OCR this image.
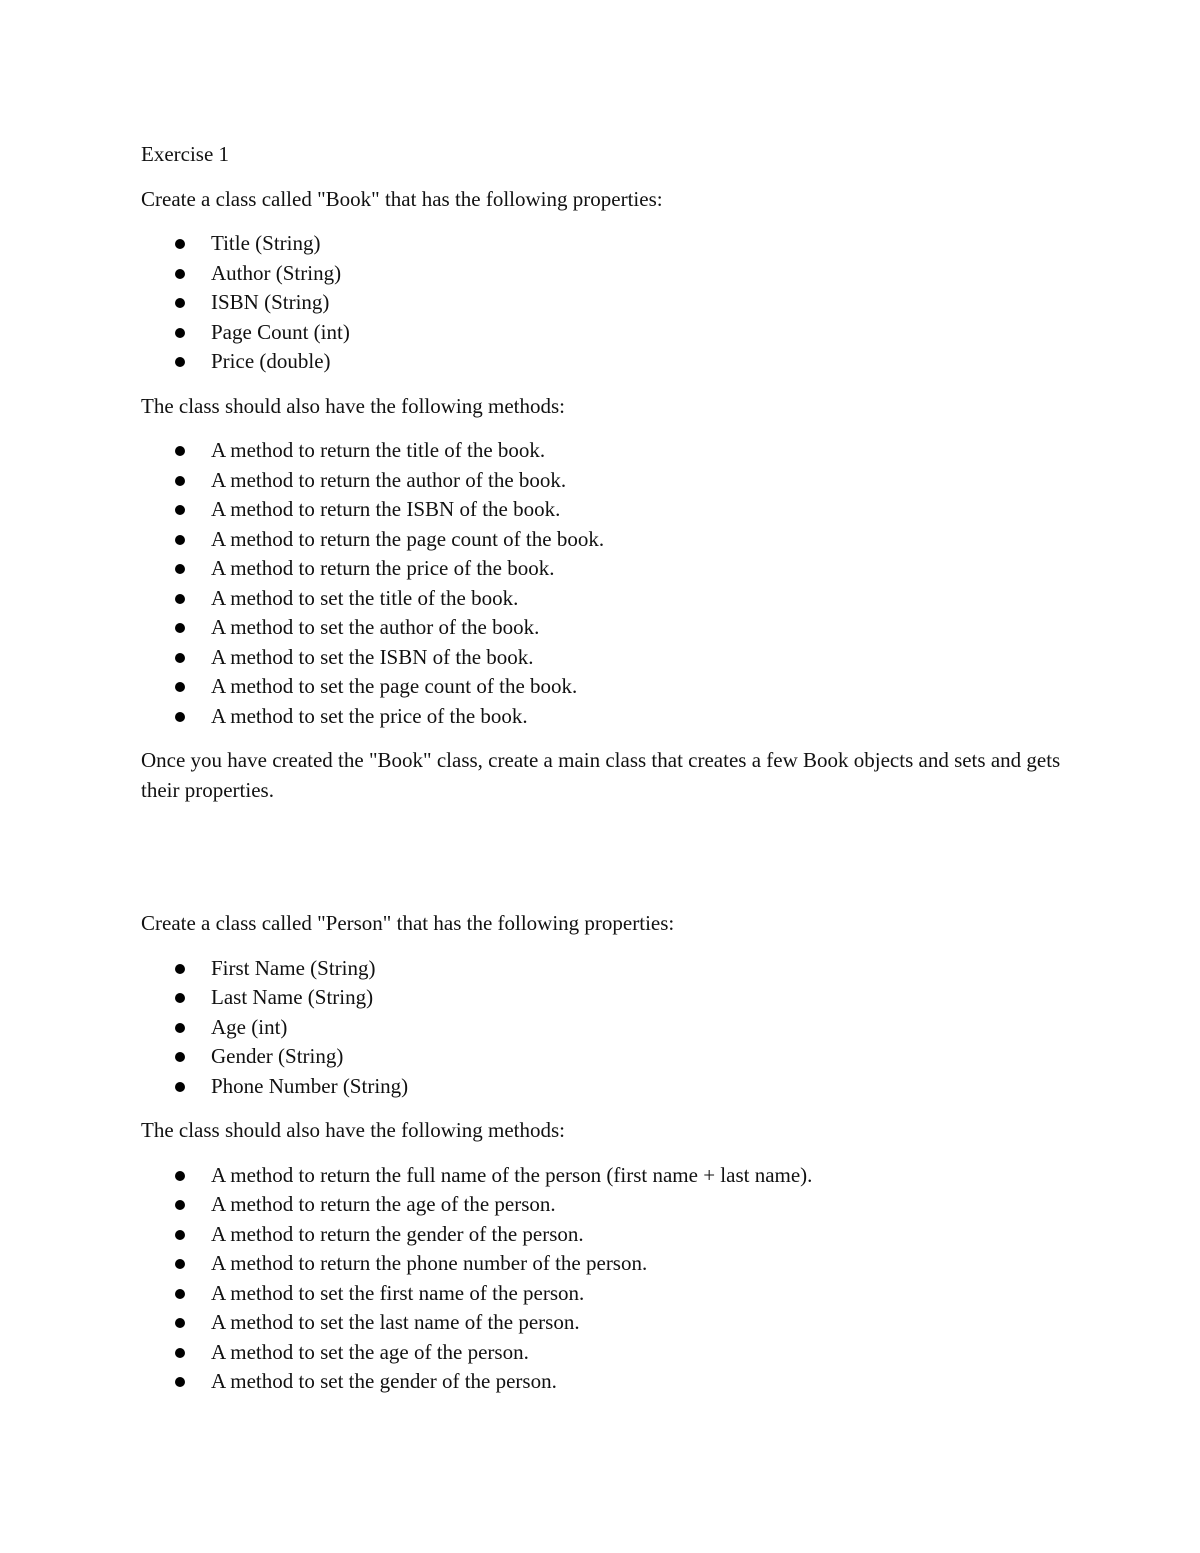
Exercise 1

Create a class called "Book" that has the following properties:

Title (String)
Author (String)
ISBN (String)
Page Count (int)
Price (double)

The class should also have the following methods:

A method to return the title of the book.
A method to return the author of the book.
A method to return the ISBN of the book.
A method to return the page count of the book.
A method to return the price of the book.
A method to set the title of the book.
A method to set the author of the book.
A method to set the ISBN of the book.
A method to set the page count of the book.
A method to set the price of the book.

Once you have created the "Book" class, create a main class that creates a few Book objects and sets and gets their properties.

Create a class called "Person" that has the following properties:

First Name (String)
Last Name (String)
Age (int)
Gender (String)
Phone Number (String)

The class should also have the following methods:

A method to return the full name of the person (first name + last name).
A method to return the age of the person.
A method to return the gender of the person.
A method to return the phone number of the person.
A method to set the first name of the person.
A method to set the last name of the person.
A method to set the age of the person.
A method to set the gender of the person.
